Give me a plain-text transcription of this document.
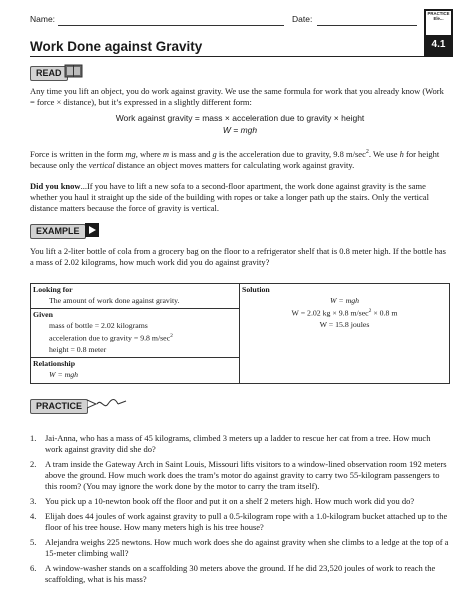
Name:	Date:
PRACTICE Ele...
4.1
Work Done against Gravity
READ
Any time you lift an object, you do work against gravity. We use the same formula for work that you already know (Work = force × distance), but it’s expressed in a slightly different form:
Work against gravity = mass × acceleration due to gravity × height
W = mgh
Force is written in the form mg, where m is mass and g is the acceleration due to gravity, 9.8 $m/\sec^2$. We use h for height because only the vertical distance an object moves matters for calculating work against gravity.
Did you know...If you have to lift a new sofa to a second-floor apartment, the work done against gravity is the same whether you haul it straight up the side of the building with ropes or take a longer path up the stairs. Only the vertical distance matters because the force of gravity is vertical.
EXAMPLE
You lift a 2-liter bottle of cola from a grocery bag on the floor to a refrigerator shelf that is 0.8 meter high. If the bottle has a mass of 2.02 kilograms, how much work did you do against gravity?
Looking for
The amount of work done against gravity.
Given
mass of bottle = 2.02 kilograms
acceleration due to gravity = 9.8 $m/\sec^2$
height = 0.8 meter
Relationship
W = mgh

Solution
W = mgh
W = 2.02 kg × 9.8 $m/\sec^2 \times 0.8$ m
W = 15.8 joules
PRACTICE
1. Jai-Anna, who has a mass of 45 kilograms, climbed 3 meters up a ladder to rescue her cat from a tree. How much work against gravity did she do?
2. A tram inside the Gateway Arch in Saint Louis, Missouri lifts visitors to a window-lined observation room 192 meters above the ground. How much work does the tram’s motor do against gravity to carry two 55-kilogram passengers to this room? (You may ignore the work done by the motor to carry the tram itself).
3. You pick up a 10-newton book off the floor and put it on a shelf 2 meters high. How much work did you do?
4. Elijah does 44 joules of work against gravity to pull a 0.5-kilogram rope with a 1.0-kilogram bucket attached up to the floor of his tree house. How many meters high is his tree house?
5. Alejandra weighs 225 newtons. How much work does she do against gravity when she climbs to a ledge at the top of a 15-meter climbing wall?
6. A window-washer stands on a scaffolding 30 meters above the ground. If he did 23,520 joules of work to reach the scaffolding, what is his mass?
